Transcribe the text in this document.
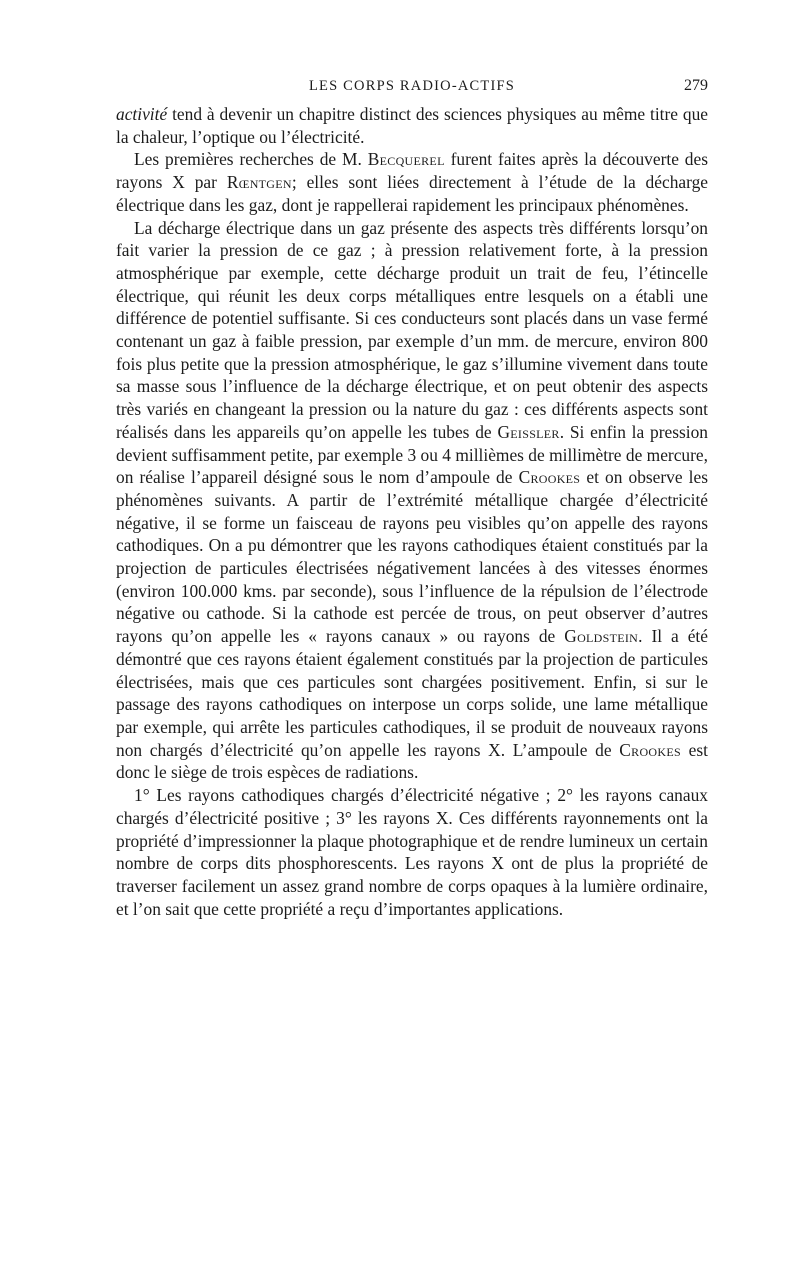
LES CORPS RADIO-ACTIFS	279

activité tend à devenir un chapitre distinct des sciences physiques au même titre que la chaleur, l’optique ou l’électricité.

Les premières recherches de M. Becquerel furent faites après la découverte des rayons X par Rœntgen; elles sont liées directement à l’étude de la décharge électrique dans les gaz, dont je rappellerai rapidement les principaux phénomènes.

La décharge électrique dans un gaz présente des aspects très différents lorsqu’on fait varier la pression de ce gaz ; à pression relativement forte, à la pression atmosphérique par exemple, cette décharge produit un trait de feu, l’étincelle électrique, qui réunit les deux corps métalliques entre lesquels on a établi une différence de potentiel suffisante. Si ces conducteurs sont placés dans un vase fermé contenant un gaz à faible pression, par exemple d’un mm. de mercure, environ 800 fois plus petite que la pression atmosphérique, le gaz s’illumine vivement dans toute sa masse sous l’influence de la décharge électrique, et on peut obtenir des aspects très variés en changeant la pression ou la nature du gaz : ces différents aspects sont réalisés dans les appareils qu’on appelle les tubes de Geissler. Si enfin la pression devient suffisamment petite, par exemple 3 ou 4 millièmes de millimètre de mercure, on réalise l’appareil désigné sous le nom d’ampoule de Crookes et on observe les phénomènes suivants. A partir de l’extrémité métallique chargée d’électricité négative, il se forme un faisceau de rayons peu visibles qu’on appelle des rayons cathodiques. On a pu démontrer que les rayons cathodiques étaient constitués par la projection de particules électrisées négativement lancées à des vitesses énormes (environ 100.000 kms. par seconde), sous l’influence de la répulsion de l’électrode négative ou cathode. Si la cathode est percée de trous, on peut observer d’autres rayons qu’on appelle les « rayons canaux » ou rayons de Goldstein. Il a été démontré que ces rayons étaient également constitués par la projection de particules électrisées, mais que ces particules sont chargées positivement. Enfin, si sur le passage des rayons cathodiques on interpose un corps solide, une lame métallique par exemple, qui arrête les particules cathodiques, il se produit de nouveaux rayons non chargés d’électricité qu’on appelle les rayons X. L’ampoule de Crookes est donc le siège de trois espèces de radiations.

1° Les rayons cathodiques chargés d’électricité négative ; 2° les rayons canaux chargés d’électricité positive ; 3° les rayons X. Ces différents rayonnements ont la propriété d’impressionner la plaque photographique et de rendre lumineux un certain nombre de corps dits phosphorescents. Les rayons X ont de plus la propriété de traverser facilement un assez grand nombre de corps opaques à la lumière ordinaire, et l’on sait que cette propriété a reçu d’importantes applications.
